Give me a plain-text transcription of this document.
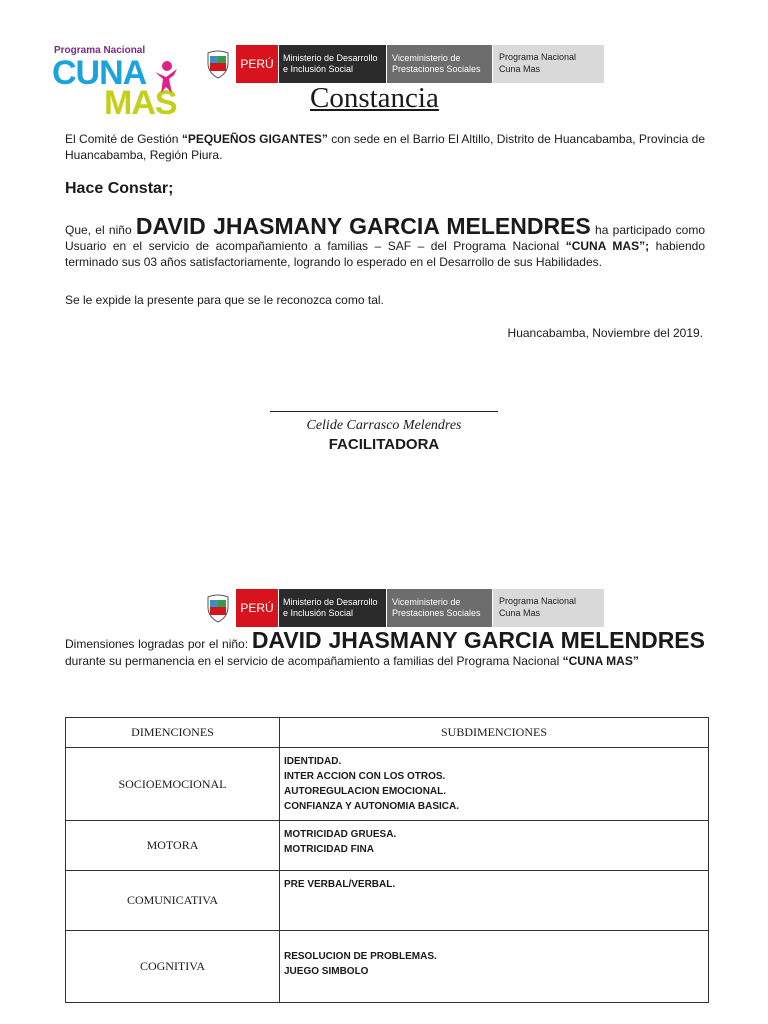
Programa Nacional
CUNA
MAS
PERÚ	Ministerio de Desarrollo
e Inclusión Social
Viceministerio de
Prestaciones Sociales
Programa Nacional
Cuna Mas
Constancia
El Comité de Gestión “PEQUEÑOS GIGANTES” con sede en el Barrio El Altillo, Distrito de Huancabamba, Provincia de Huancabamba, Región Piura.
Hace Constar;
Que, el niño DAVID JHASMANY GARCIA MELENDRES ha participado como Usuario en el servicio de acompañamiento a familias – SAF – del Programa Nacional “CUNA MAS”; habiendo terminado sus 03 años satisfactoriamente, logrando lo esperado en el Desarrollo de sus Habilidades.
Se le expide la presente para que se le reconozca como tal.
Huancabamba, Noviembre del 2019.
Celide Carrasco Melendres
FACILITADORA
PERÚ	Ministerio de Desarrollo
e Inclusión Social
Viceministerio de
Prestaciones Sociales
Programa Nacional
Cuna Mas
Dimensiones logradas por el niño: DAVID JHASMANY GARCIA MELENDRES durante su permanencia en el servicio de acompañamiento a familias del Programa Nacional “CUNA MAS”
DIMENCIONES	SUBDIMENCIONES
SOCIOEMOCIONAL	IDENTIDAD.
INTER ACCION CON LOS OTROS.
AUTOREGULACION EMOCIONAL.
CONFIANZA Y AUTONOMIA BASICA.

MOTORA	MOTRICIDAD GRUESA.
MOTRICIDAD FINA

COMUNICATIVA	PRE VERBAL/VERBAL.

COGNITIVA	RESOLUCION DE PROBLEMAS.
JUEGO SIMBOLO
